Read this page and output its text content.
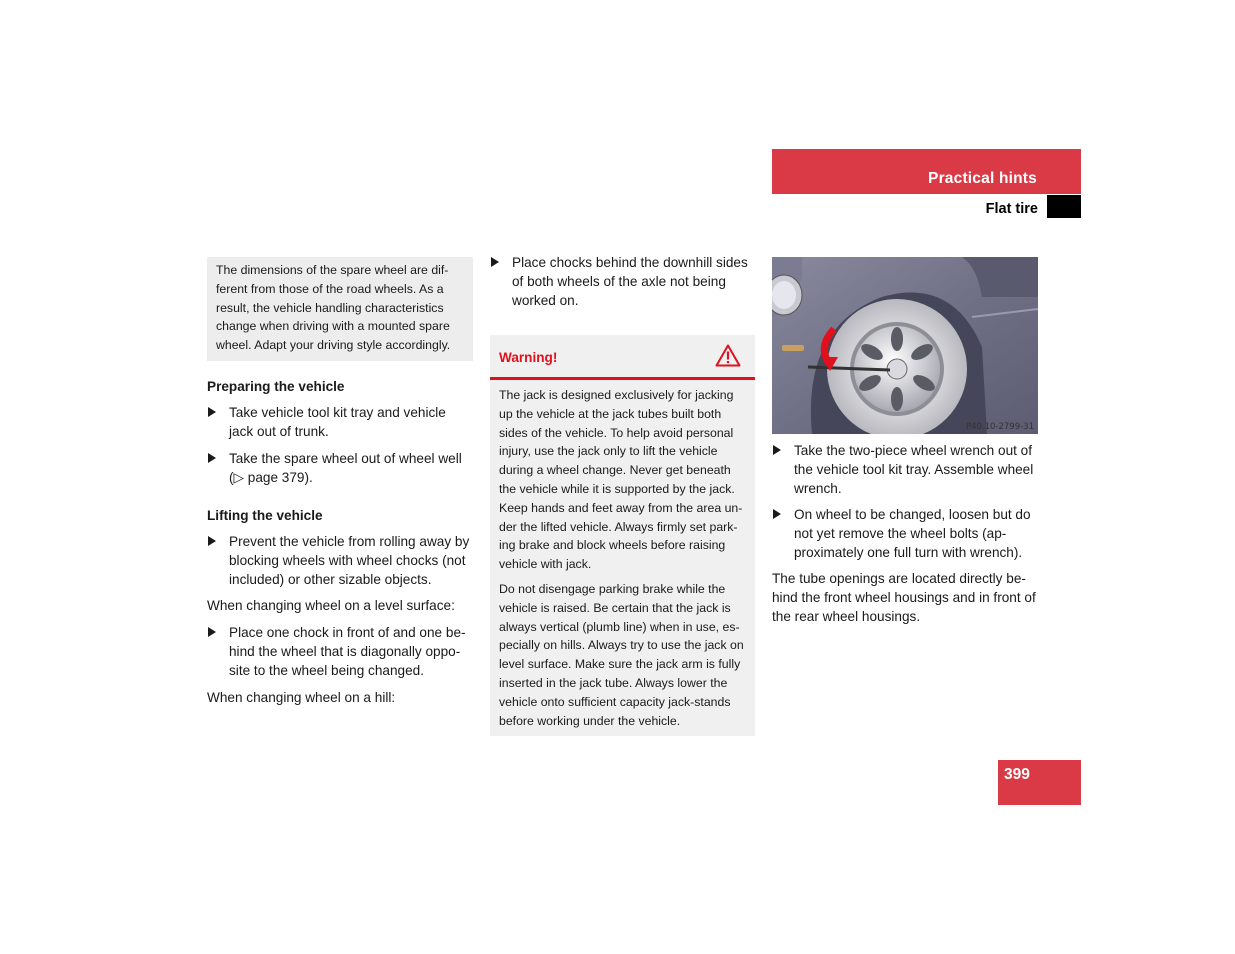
Practical hints
Flat tire
The dimensions of the spare wheel are dif-ferent from those of the road wheels. As a result, the vehicle handling characteristics change when driving with a mounted spare wheel. Adapt your driving style accordingly.

Preparing the vehicle

Take vehicle tool kit tray and vehicle jack out of trunk.
Take the spare wheel out of wheel well (▷ page 379).

Lifting the vehicle

Prevent the vehicle from rolling away by blocking wheels with wheel chocks (not included) or other sizable objects.

When changing wheel on a level surface:

Place one chock in front of and one be-hind the wheel that is diagonally oppo-site to the wheel being changed.

When changing wheel on a hill:

Place chocks behind the downhill sides of both wheels of the axle not being worked on.
Warning!

The jack is designed exclusively for jacking up the vehicle at the jack tubes built both sides of the vehicle. To help avoid personal injury, use the jack only to lift the vehicle during a wheel change. Never get beneath the vehicle while it is supported by the jack. Keep hands and feet away from the area un-der the lifted vehicle. Always firmly set park-ing brake and block wheels before raising vehicle with jack.

Do not disengage parking brake while the vehicle is raised. Be certain that the jack is always vertical (plumb line) when in use, es-pecially on hills. Always try to use the jack on level surface. Make sure the jack arm is fully inserted in the jack tube. Always lower the vehicle onto sufficient capacity jack-stands before working under the vehicle.

P40.10-2799-31
Take the two-piece wheel wrench out of the vehicle tool kit tray. Assemble wheel wrench.
On wheel to be changed, loosen but do not yet remove the wheel bolts (ap-proximately one full turn with wrench).

The tube openings are located directly be-hind the front wheel housings and in front of the rear wheel housings.

399
